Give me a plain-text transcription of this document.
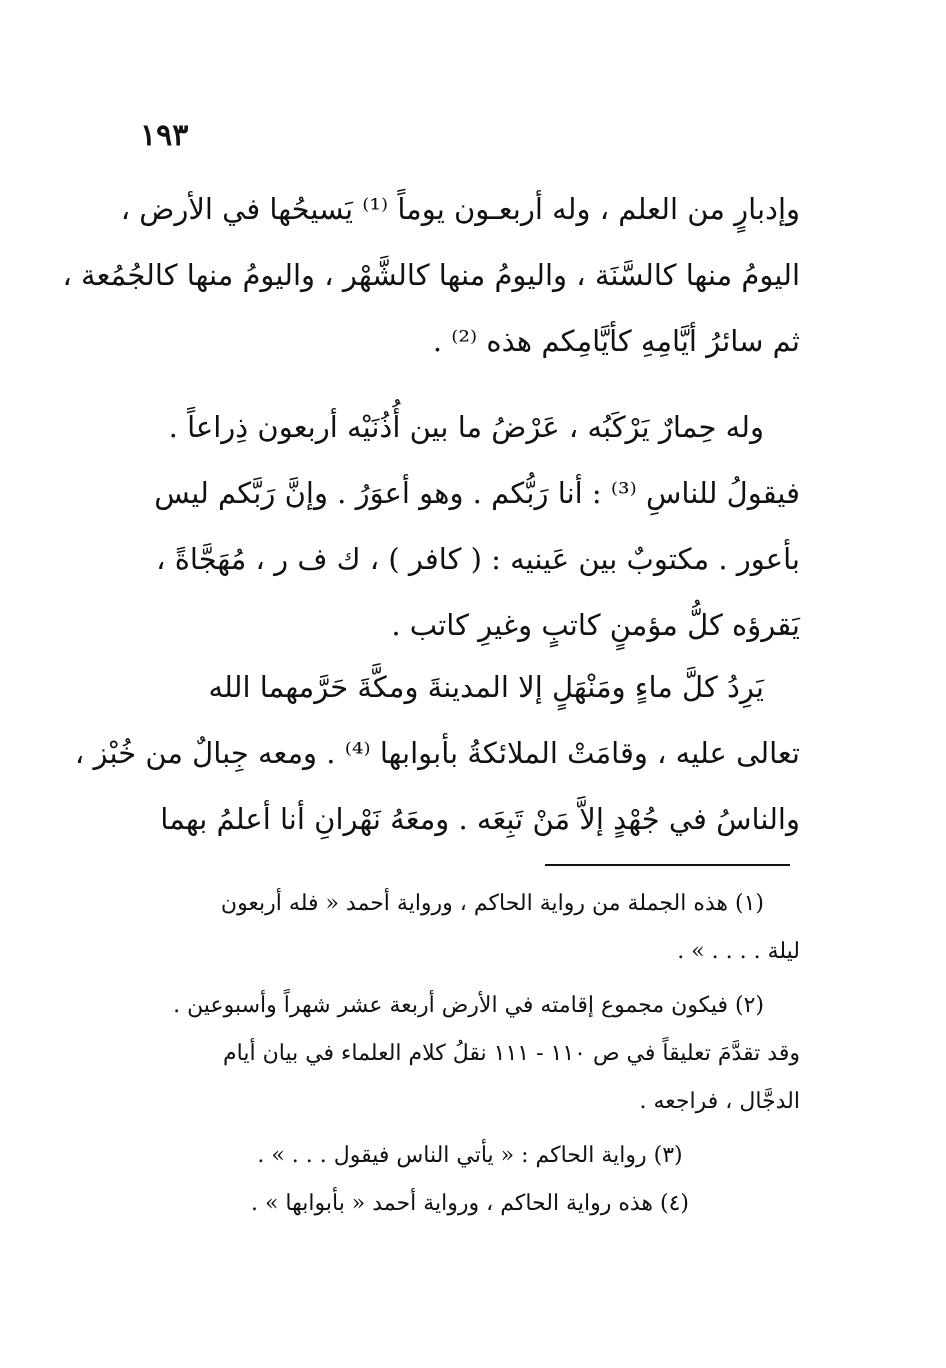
١٩٣
وإدبارٍ من العلم ، وله أربعـون يوماً ⁽¹⁾ يَسيحُها في الأرض ،
اليومُ منها كالسَّنَة ، واليومُ منها كالشَّهْر ، واليومُ منها كالجُمُعة ،
ثم سائرُ أيَّامِهِ كأيَّامِكم هذه ⁽²⁾ .
وله حِمارٌ يَرْكَبُه ، عَرْضُ ما بين أُذُنَيْه أربعون ذِراعاً .
فيقولُ للناسِ ⁽³⁾ : أنا رَبُّكم . وهو أعوَرُ . وإنَّ رَبَّكم ليس
بأعور . مكتوبٌ بين عَينيه : ( كافر ) ، ك ف ر ، مُهَجَّاةً ،
يَقرؤه كلُّ مؤمنٍ كاتبٍ وغيرِ كاتب .
يَرِدُ كلَّ ماءٍ ومَنْهَلٍ إلا المدينةَ ومكَّةَ حَرَّمهما الله
تعالى عليه ، وقامَتْ الملائكةُ بأبوابها ⁽⁴⁾ . ومعه جِبالٌ من خُبْز ،
والناسُ في جُهْدٍ إلاَّ مَنْ تَبِعَه . ومعَهُ نَهْرانِ أنا أعلمُ بهما
(١) هذه الجملة من رواية الحاكم ، ورواية أحمد « فله أربعون
ليلة . . . . » .
(٢) فيكون مجموع إقامته في الأرض أربعة عشر شهراً وأسبوعين .
وقد تقدَّمَ تعليقاً في ص ١١٠ - ١١١ نقلُ كلام العلماء في بيان أيام
الدجَّال ، فراجعه .
(٣) رواية الحاكم : « يأتي الناس فيقول . . . » .
(٤) هذه رواية الحاكم ، ورواية أحمد « بأبوابها » .
